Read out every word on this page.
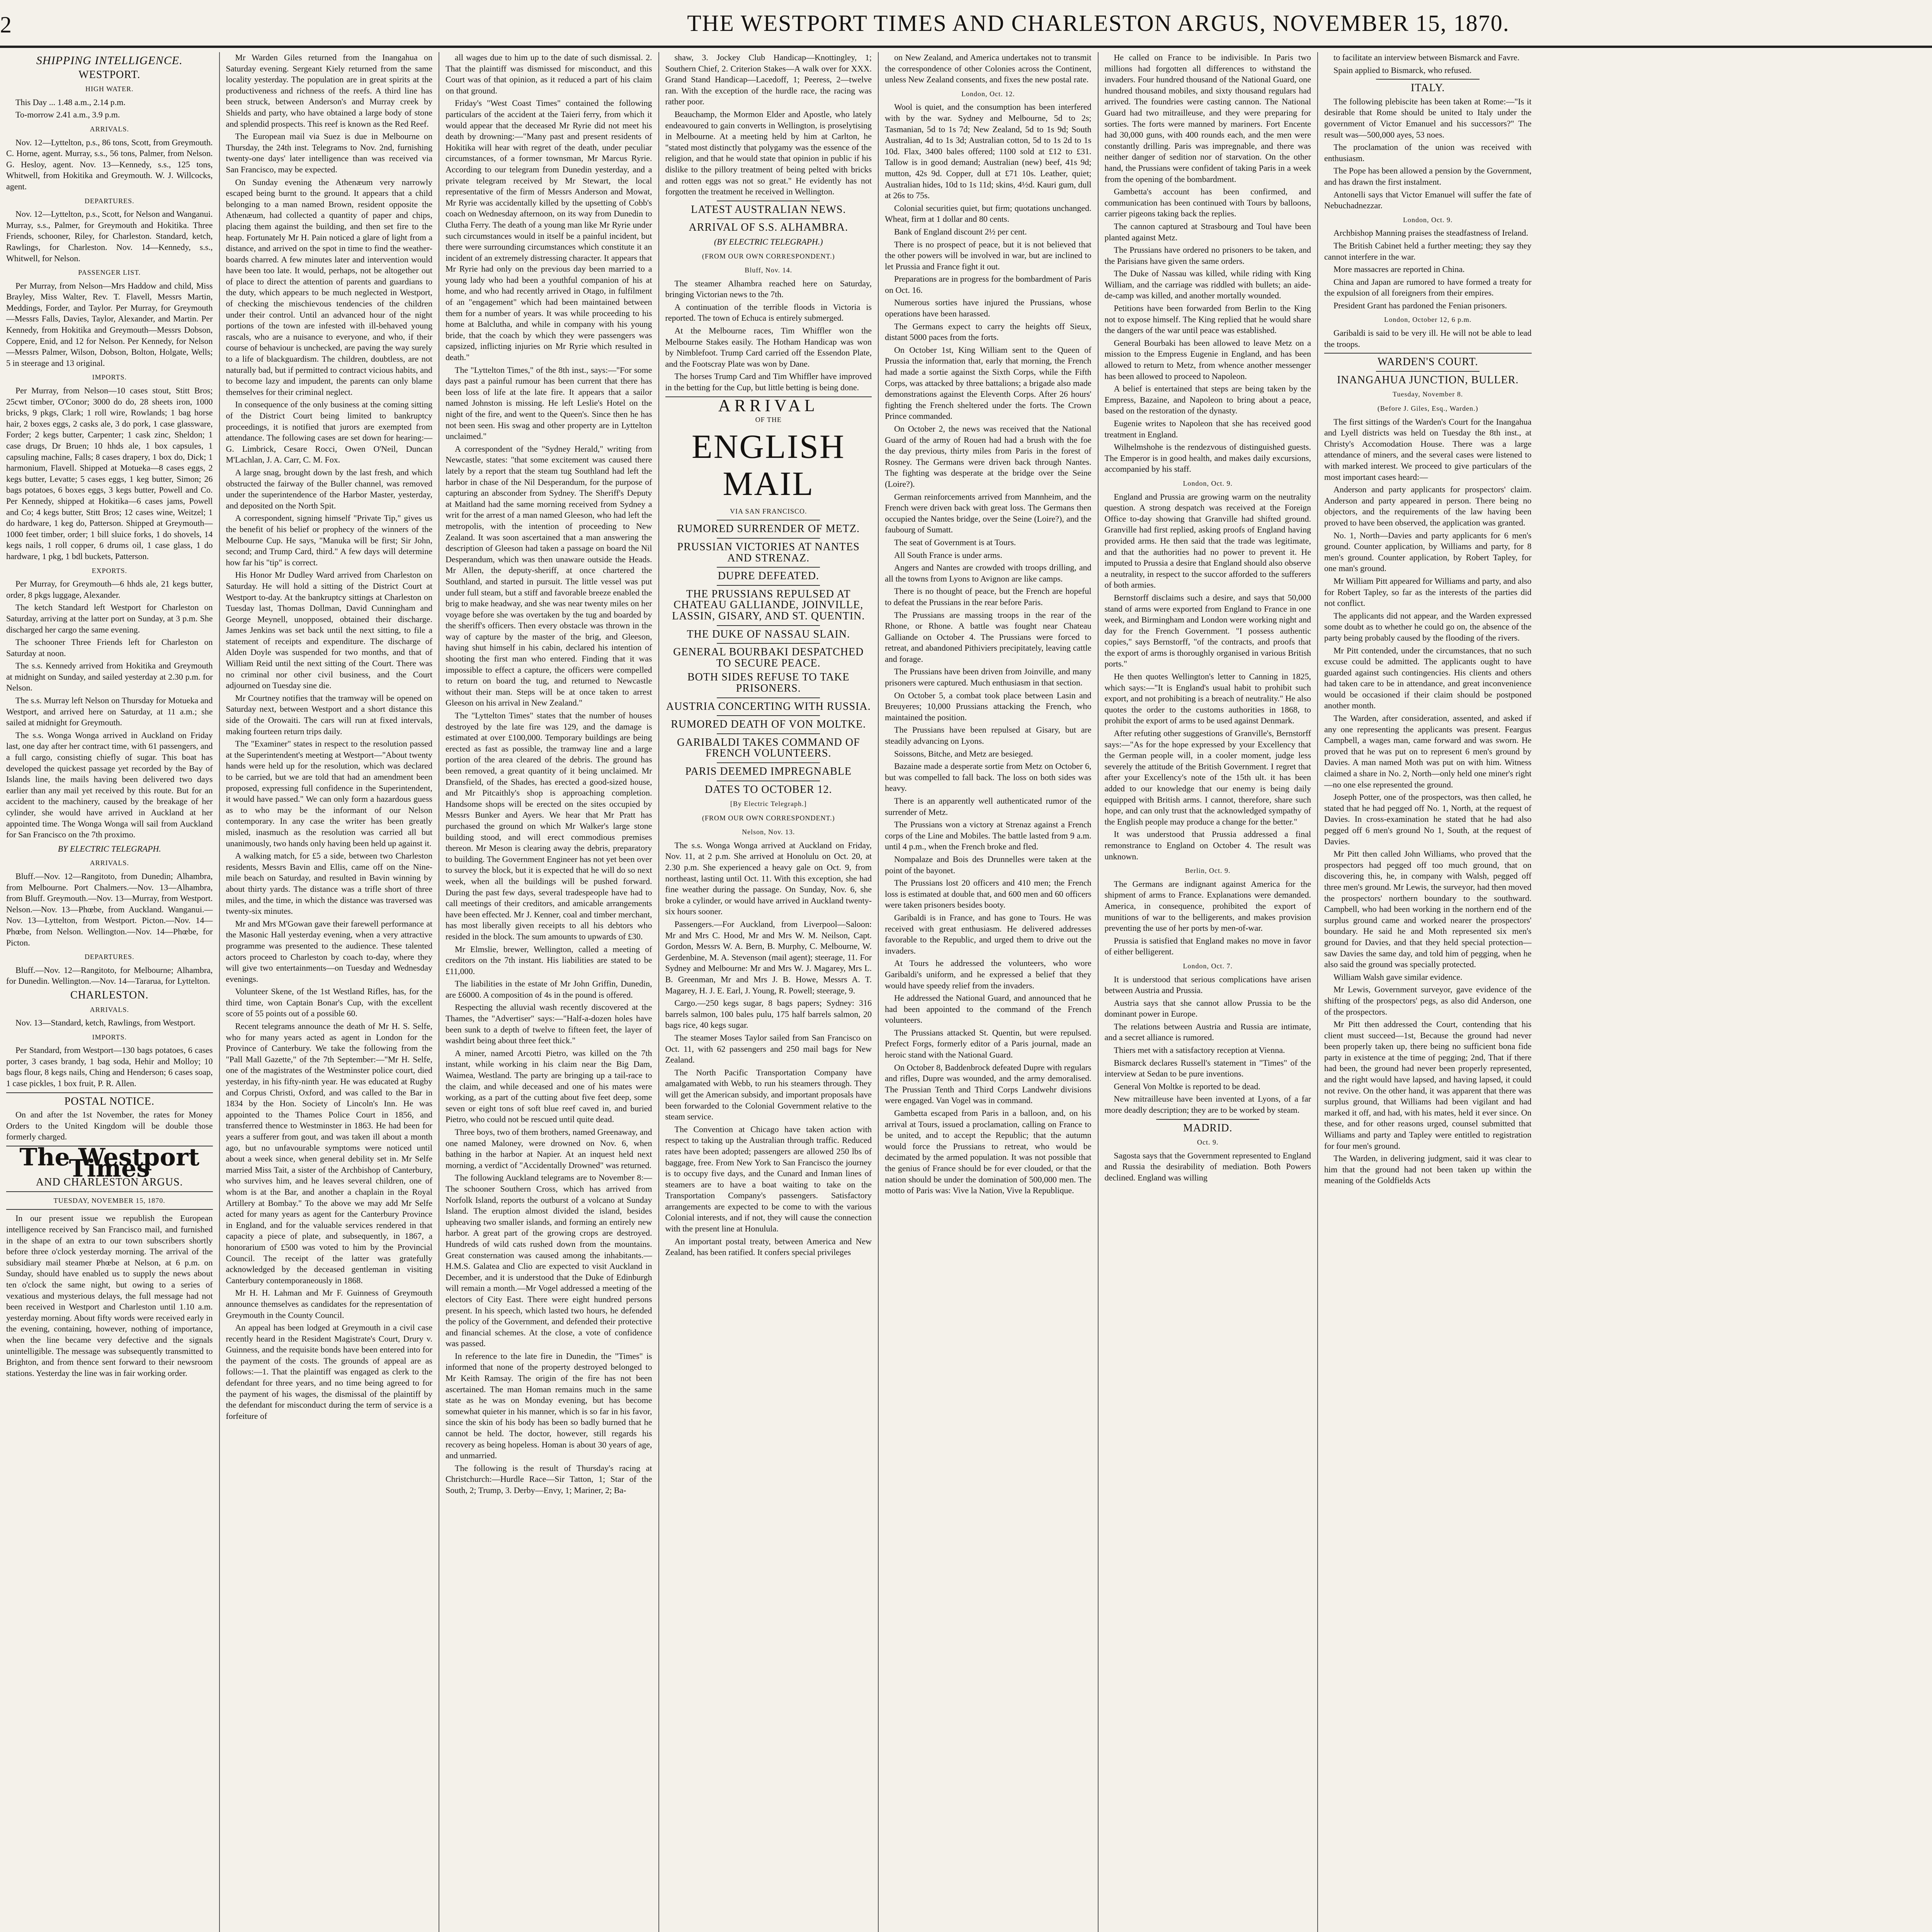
2	THE WESTPORT TIMES AND CHARLESTON ARGUS, NOVEMBER 15, 1870.
SHIPPING INTELLIGENCE.
WESTPORT.
HIGH WATER.

This Day ... 1.48 a.m., 2.14 p.m.

To-morrow 2.41 a.m., 3.9 p.m.

ARRIVALS.

Nov. 12—Lyttelton, p.s., 86 tons, Scott, from Greymouth. C. Horne, agent. Murray, s.s., 56 tons, Palmer, from Nelson. G. Hesloy, agent. Nov. 13—Kennedy, s.s., 125 tons, Whitwell, from Hokitika and Greymouth. W. J. Willcocks, agent.

DEPARTURES.

Nov. 12—Lyttelton, p.s., Scott, for Nelson and Wanganui. Murray, s.s., Palmer, for Greymouth and Hokitika. Three Friends, schooner, Riley, for Charleston. Standard, ketch, Rawlings, for Charleston. Nov. 14—Kennedy, s.s., Whitwell, for Nelson.

PASSENGER LIST.

Per Murray, from Nelson—Mrs Haddow and child, Miss Brayley, Miss Walter, Rev. T. Flavell, Messrs Martin, Meddings, Forder, and Taylor. Per Murray, for Greymouth—Messrs Falls, Davies, Taylor, Alexander, and Martin. Per Kennedy, from Hokitika and Greymouth—Messrs Dobson, Coppere, Enid, and 12 for Nelson. Per Kennedy, for Nelson—Messrs Palmer, Wilson, Dobson, Bolton, Holgate, Wells; 5 in steerage and 13 original.

IMPORTS.

Per Murray, from Nelson—10 cases stout, Stitt Bros; 25cwt timber, O'Conor; 3000 do do, 28 sheets iron, 1000 bricks, 9 pkgs, Clark; 1 roll wire, Rowlands; 1 bag horse hair, 2 boxes eggs, 2 casks ale, 3 do pork, 1 case glassware, Forder; 2 kegs butter, Carpenter; 1 cask zinc, Sheldon; 1 case drugs, Dr Bruen; 10 hhds ale, 1 box capsules, 1 capsuling machine, Falls; 8 cases drapery, 1 box do, Dick; 1 harmonium, Flavell. Shipped at Motueka—8 cases eggs, 2 kegs butter, Levatte; 5 cases eggs, 1 keg butter, Simon; 26 bags potatoes, 6 boxes eggs, 3 kegs butter, Powell and Co. Per Kennedy, shipped at Hokitika—6 cases jams, Powell and Co; 4 kegs butter, Stitt Bros; 12 cases wine, Weitzel; 1 do hardware, 1 keg do, Patterson. Shipped at Greymouth—1000 feet timber, order; 1 bill sluice forks, 1 do shovels, 14 kegs nails, 1 roll copper, 6 drums oil, 1 case glass, 1 do hardware, 1 pkg, 1 bdl buckets, Patterson.

EXPORTS.

Per Murray, for Greymouth—6 hhds ale, 21 kegs butter, order, 8 pkgs luggage, Alexander.

The ketch Standard left Westport for Charleston on Saturday, arriving at the latter port on Sunday, at 3 p.m. She discharged her cargo the same evening.

The schooner Three Friends left for Charleston on Saturday at noon.

The s.s. Kennedy arrived from Hokitika and Greymouth at midnight on Sunday, and sailed yesterday at 2.30 p.m. for Nelson.

The s.s. Murray left Nelson on Thursday for Motueka and Westport, and arrived here on Saturday, at 11 a.m.; she sailed at midnight for Greymouth.

The s.s. Wonga Wonga arrived in Auckland on Friday last, one day after her contract time, with 61 passengers, and a full cargo, consisting chiefly of sugar. This boat has developed the quickest passage yet recorded by the Bay of Islands line, the mails having been delivered two days earlier than any mail yet received by this route. But for an accident to the machinery, caused by the breakage of her cylinder, she would have arrived in Auckland at her appointed time. The Wonga Wonga will sail from Auckland for San Francisco on the 7th proximo.

BY ELECTRIC TELEGRAPH.
ARRIVALS.

Bluff.—Nov. 12—Rangitoto, from Dunedin; Alhambra, from Melbourne. Port Chalmers.—Nov. 13—Alhambra, from Bluff. Greymouth.—Nov. 13—Murray, from Westport. Nelson.—Nov. 13—Phœbe, from Auckland. Wanganui.—Nov. 13—Lyttelton, from Westport. Picton.—Nov. 14—Phœbe, from Nelson. Wellington.—Nov. 14—Phœbe, for Picton.

DEPARTURES.

Bluff.—Nov. 12—Rangitoto, for Melbourne; Alhambra, for Dunedin. Wellington.—Nov. 14—Tararua, for Lyttelton.

CHARLESTON.
ARRIVALS.

Nov. 13—Standard, ketch, Rawlings, from Westport.

IMPORTS.

Per Standard, from Westport—130 bags potatoes, 6 cases porter, 3 cases brandy, 1 bag soda, Hehir and Molloy; 10 bags flour, 8 kegs nails, Ching and Henderson; 6 cases soap, 1 case pickles, 1 box fruit, P. R. Allen.

POSTAL NOTICE.

On and after the 1st November, the rates for Money Orders to the United Kingdom will be double those formerly charged.

The Westport Times
AND CHARLESTON ARGUS.
TUESDAY, NOVEMBER 15, 1870.

In our present issue we republish the European intelligence received by San Francisco mail, and furnished in the shape of an extra to our town subscribers shortly before three o'clock yesterday morning. The arrival of the subsidiary mail steamer Phœbe at Nelson, at 6 p.m. on Sunday, should have enabled us to supply the news about ten o'clock the same night, but owing to a series of vexatious and mysterious delays, the full message had not been received in Westport and Charleston until 1.10 a.m. yesterday morning. About fifty words were received early in the evening, containing, however, nothing of importance, when the line became very defective and the signals unintelligible. The message was subsequently transmitted to Brighton, and from thence sent forward to their newsroom stations. Yesterday the line was in fair working order.

Mr Warden Giles returned from the Inangahua on Saturday evening. Sergeant Kiely returned from the same locality yesterday. The population are in great spirits at the productiveness and richness of the reefs. A third line has been struck, between Anderson's and Murray creek by Shields and party, who have obtained a large body of stone and splendid prospects. This reef is known as the Red Reef.

The European mail via Suez is due in Melbourne on Thursday, the 24th inst. Telegrams to Nov. 2nd, furnishing twenty-one days' later intelligence than was received via San Francisco, may be expected.

On Sunday evening the Athenæum very narrowly escaped being burnt to the ground. It appears that a child belonging to a man named Brown, resident opposite the Athenæum, had collected a quantity of paper and chips, placing them against the building, and then set fire to the heap. Fortunately Mr H. Pain noticed a glare of light from a distance, and arrived on the spot in time to find the weather-boards charred. A few minutes later and intervention would have been too late. It would, perhaps, not be altogether out of place to direct the attention of parents and guardians to the duty, which appears to be much neglected in Westport, of checking the mischievous tendencies of the children under their control. Until an advanced hour of the night portions of the town are infested with ill-behaved young rascals, who are a nuisance to everyone, and who, if their course of behaviour is unchecked, are paving the way surely to a life of blackguardism. The children, doubtless, are not naturally bad, but if permitted to contract vicious habits, and to become lazy and impudent, the parents can only blame themselves for their criminal neglect.

In consequence of the only business at the coming sitting of the District Court being limited to bankruptcy proceedings, it is notified that jurors are exempted from attendance. The following cases are set down for hearing:—G. Limbrick, Cesare Rocci, Owen O'Neil, Duncan M'Lachlan, J. A. Carr, C. M. Fox.

A large snag, brought down by the last fresh, and which obstructed the fairway of the Buller channel, was removed under the superintendence of the Harbor Master, yesterday, and deposited on the North Spit.

A correspondent, signing himself "Private Tip," gives us the benefit of his belief or prophecy of the winners of the Melbourne Cup. He says, "Manuka will be first; Sir John, second; and Trump Card, third." A few days will determine how far his "tip" is correct.

His Honor Mr Dudley Ward arrived from Charleston on Saturday. He will hold a sitting of the District Court at Westport to-day. At the bankruptcy sittings at Charleston on Tuesday last, Thomas Dollman, David Cunningham and George Meynell, unopposed, obtained their discharge. James Jenkins was set back until the next sitting, to file a statement of receipts and expenditure. The discharge of Alden Doyle was suspended for two months, and that of William Reid until the next sitting of the Court. There was no criminal nor other civil business, and the Court adjourned on Tuesday sine die.

Mr Courtney notifies that the tramway will be opened on Saturday next, between Westport and a short distance this side of the Orowaiti. The cars will run at fixed intervals, making fourteen return trips daily.

The "Examiner" states in respect to the resolution passed at the Superintendent's meeting at Westport—"About twenty hands were held up for the resolution, which was declared to be carried, but we are told that had an amendment been proposed, expressing full confidence in the Superintendent, it would have passed." We can only form a hazardous guess as to who may be the informant of our Nelson contemporary. In any case the writer has been greatly misled, inasmuch as the resolution was carried all but unanimously, two hands only having been held up against it.

A walking match, for £5 a side, between two Charleston residents, Messrs Bavin and Ellis, came off on the Nine-mile beach on Saturday, and resulted in Bavin winning by about thirty yards. The distance was a trifle short of three miles, and the time, in which the distance was traversed was twenty-six minutes.

Mr and Mrs M'Gowan gave their farewell performance at the Masonic Hall yesterday evening, when a very attractive programme was presented to the audience. These talented actors proceed to Charleston by coach to-day, where they will give two entertainments—on Tuesday and Wednesday evenings.

Volunteer Skene, of the 1st Westland Rifles, has, for the third time, won Captain Bonar's Cup, with the excellent score of 55 points out of a possible 60.

Recent telegrams announce the death of Mr H. S. Selfe, who for many years acted as agent in London for the Province of Canterbury. We take the following from the "Pall Mall Gazette," of the 7th September:—"Mr H. Selfe, one of the magistrates of the Westminster police court, died yesterday, in his fifty-ninth year. He was educated at Rugby and Corpus Christi, Oxford, and was called to the Bar in 1834 by the Hon. Society of Lincoln's Inn. He was appointed to the Thames Police Court in 1856, and transferred thence to Westminster in 1863. He had been for years a sufferer from gout, and was taken ill about a month ago, but no unfavourable symptoms were noticed until about a week since, when general debility set in. Mr Selfe married Miss Tait, a sister of the Archbishop of Canterbury, who survives him, and he leaves several children, one of whom is at the Bar, and another a chaplain in the Royal Artillery at Bombay." To the above we may add Mr Selfe acted for many years as agent for the Canterbury Province in England, and for the valuable services rendered in that capacity a piece of plate, and subsequently, in 1867, a honorarium of £500 was voted to him by the Provincial Council. The receipt of the latter was gratefully acknowledged by the deceased gentleman in visiting Canterbury contemporaneously in 1868.

Mr H. H. Lahman and Mr F. Guinness of Greymouth announce themselves as candidates for the representation of Greymouth in the County Council.

An appeal has been lodged at Greymouth in a civil case recently heard in the Resident Magistrate's Court, Drury v. Guinness, and the requisite bonds have been entered into for the payment of the costs. The grounds of appeal are as follows:—1. That the plaintiff was engaged as clerk to the defendant for three years, and no time being agreed to for the payment of his wages, the dismissal of the plaintiff by the defendant for misconduct during the term of service is a forfeiture of

all wages due to him up to the date of such dismissal. 2. That the plaintiff was dismissed for misconduct, and this Court was of that opinion, as it reduced a part of his claim on that ground.

Friday's "West Coast Times" contained the following particulars of the accident at the Taieri ferry, from which it would appear that the deceased Mr Ryrie did not meet his death by drowning:—"Many past and present residents of Hokitika will hear with regret of the death, under peculiar circumstances, of a former townsman, Mr Marcus Ryrie. According to our telegram from Dunedin yesterday, and a private telegram received by Mr Stewart, the local representative of the firm of Messrs Anderson and Mowat, Mr Ryrie was accidentally killed by the upsetting of Cobb's coach on Wednesday afternoon, on its way from Dunedin to Clutha Ferry. The death of a young man like Mr Ryrie under such circumstances would in itself be a painful incident, but there were surrounding circumstances which constitute it an incident of an extremely distressing character. It appears that Mr Ryrie had only on the previous day been married to a young lady who had been a youthful companion of his at home, and who had recently arrived in Otago, in fulfilment of an "engagement" which had been maintained between them for a number of years. It was while proceeding to his home at Balclutha, and while in company with his young bride, that the coach by which they were passengers was capsized, inflicting injuries on Mr Ryrie which resulted in death."

The "Lyttelton Times," of the 8th inst., says:—"For some days past a painful rumour has been current that there has been loss of life at the late fire. It appears that a sailor named Johnston is missing. He left Leslie's Hotel on the night of the fire, and went to the Queen's. Since then he has not been seen. His swag and other property are in Lyttelton unclaimed."

A correspondent of the "Sydney Herald," writing from Newcastle, states: "that some excitement was caused there lately by a report that the steam tug Southland had left the harbor in chase of the Nil Desperandum, for the purpose of capturing an absconder from Sydney. The Sheriff's Deputy at Maitland had the same morning received from Sydney a writ for the arrest of a man named Gleeson, who had left the metropolis, with the intention of proceeding to New Zealand. It was soon ascertained that a man answering the description of Gleeson had taken a passage on board the Nil Desperandum, which was then unaware outside the Heads. Mr Allen, the deputy-sheriff, at once chartered the Southland, and started in pursuit. The little vessel was put under full steam, but a stiff and favorable breeze enabled the brig to make headway, and she was near twenty miles on her voyage before she was overtaken by the tug and boarded by the sheriff's officers. Then every obstacle was thrown in the way of capture by the master of the brig, and Gleeson, having shut himself in his cabin, declared his intention of shooting the first man who entered. Finding that it was impossible to effect a capture, the officers were compelled to return on board the tug, and returned to Newcastle without their man. Steps will be at once taken to arrest Gleeson on his arrival in New Zealand."

The "Lyttelton Times" states that the number of houses destroyed by the late fire was 129, and the damage is estimated at over £100,000. Temporary buildings are being erected as fast as possible, the tramway line and a large portion of the area cleared of the debris. The ground has been removed, a great quantity of it being unclaimed. Mr Dransfield, of the Shades, has erected a good-sized house, and Mr Pitcaithly's shop is approaching completion. Handsome shops will be erected on the sites occupied by Messrs Bunker and Ayers. We hear that Mr Pratt has purchased the ground on which Mr Walker's large stone building stood, and will erect commodious premises thereon. Mr Meson is clearing away the debris, preparatory to building. The Government Engineer has not yet been over to survey the block, but it is expected that he will do so next week, when all the buildings will be pushed forward. During the past few days, several tradespeople have had to call meetings of their creditors, and amicable arrangements have been effected. Mr J. Kenner, coal and timber merchant, has most liberally given receipts to all his debtors who resided in the block. The sum amounts to upwards of £30.

Mr Elmslie, brewer, Wellington, called a meeting of creditors on the 7th instant. His liabilities are stated to be £11,000.

The liabilities in the estate of Mr John Griffin, Dunedin, are £6000. A composition of 4s in the pound is offered.

Respecting the alluvial wash recently discovered at the Thames, the "Advertiser" says:—"Half-a-dozen holes have been sunk to a depth of twelve to fifteen feet, the layer of washdirt being about three feet thick."

A miner, named Arcotti Pietro, was killed on the 7th instant, while working in his claim near the Big Dam, Waimea, Westland. The party are bringing up a tail-race to the claim, and while deceased and one of his mates were working, as a part of the cutting about five feet deep, some seven or eight tons of soft blue reef caved in, and buried Pietro, who could not be rescued until quite dead.

Three boys, two of them brothers, named Greenaway, and one named Maloney, were drowned on Nov. 6, when bathing in the harbor at Napier. At an inquest held next morning, a verdict of "Accidentally Drowned" was returned.

The following Auckland telegrams are to November 8:—The schooner Southern Cross, which has arrived from Norfolk Island, reports the outburst of a volcano at Sunday Island. The eruption almost divided the island, besides upheaving two smaller islands, and forming an entirely new harbor. A great part of the growing crops are destroyed. Hundreds of wild cats rushed down from the mountains. Great consternation was caused among the inhabitants.—H.M.S. Galatea and Clio are expected to visit Auckland in December, and it is understood that the Duke of Edinburgh will remain a month.—Mr Vogel addressed a meeting of the electors of City East. There were eight hundred persons present. In his speech, which lasted two hours, he defended the policy of the Government, and defended their protective and financial schemes. At the close, a vote of confidence was passed.

In reference to the late fire in Dunedin, the "Times" is informed that none of the property destroyed belonged to Mr Keith Ramsay. The origin of the fire has not been ascertained. The man Homan remains much in the same state as he was on Monday evening, but has become somewhat quieter in his manner, which is so far in his favor, since the skin of his body has been so badly burned that he cannot be held. The doctor, however, still regards his recovery as being hopeless. Homan is about 30 years of age, and unmarried.

The following is the result of Thursday's racing at Christchurch:—Hurdle Race—Sir Tatton, 1; Star of the South, 2; Trump, 3. Derby—Envy, 1; Mariner, 2; Ba-

shaw, 3. Jockey Club Handicap—Knottingley, 1; Southern Chief, 2. Criterion Stakes—A walk over for XXX. Grand Stand Handicap—Lacedoff, 1; Peeress, 2—twelve ran. With the exception of the hurdle race, the racing was rather poor.

Beauchamp, the Mormon Elder and Apostle, who lately endeavoured to gain converts in Wellington, is proselytising in Melbourne. At a meeting held by him at Carlton, he "stated most distinctly that polygamy was the essence of the religion, and that he would state that opinion in public if his dislike to the pillory treatment of being pelted with bricks and rotten eggs was not so great." He evidently has not forgotten the treatment he received in Wellington.

LATEST AUSTRALIAN NEWS.
ARRIVAL OF S.S. ALHAMBRA.
(BY ELECTRIC TELEGRAPH.)
(FROM OUR OWN CORRESPONDENT.)
Bluff, Nov. 14.

The steamer Alhambra reached here on Saturday, bringing Victorian news to the 7th.

A continuation of the terrible floods in Victoria is reported. The town of Echuca is entirely submerged.

At the Melbourne races, Tim Whiffler won the Melbourne Stakes easily. The Hotham Handicap was won by Nimblefoot. Trump Card carried off the Essendon Plate, and the Footscray Plate was won by Dane.

The horses Trump Card and Tim Whiffler have improved in the betting for the Cup, but little betting is being done.

ARRIVAL
OF THE
ENGLISH MAIL
VIA SAN FRANCISCO.
RUMORED SURRENDER OF METZ.
PRUSSIAN VICTORIES AT NANTES AND STRENAZ.
DUPRE DEFEATED.
THE PRUSSIANS REPULSED AT CHATEAU GALLIANDE, JOINVILLE, LASSIN, GISARY, AND ST. QUENTIN.
THE DUKE OF NASSAU SLAIN.
GENERAL BOURBAKI DESPATCHED TO SECURE PEACE.
BOTH SIDES REFUSE TO TAKE PRISONERS.
AUSTRIA CONCERTING WITH RUSSIA.
RUMORED DEATH OF VON MOLTKE.
GARIBALDI TAKES COMMAND OF FRENCH VOLUNTEERS.
PARIS DEEMED IMPREGNABLE
DATES TO OCTOBER 12.
[By Electric Telegraph.]
(FROM OUR OWN CORRESPONDENT.)
Nelson, Nov. 13.

The s.s. Wonga Wonga arrived at Auckland on Friday, Nov. 11, at 2 p.m. She arrived at Honolulu on Oct. 20, at 2.30 p.m. She experienced a heavy gale on Oct. 9, from northeast, lasting until Oct. 11. With this exception, she had fine weather during the passage. On Sunday, Nov. 6, she broke a cylinder, or would have arrived in Auckland twenty-six hours sooner.

Passengers.—For Auckland, from Liverpool—Saloon: Mr and Mrs C. Hood, Mr and Mrs W. M. Neilson, Capt. Gordon, Messrs W. A. Bern, B. Murphy, C. Melbourne, W. Gerdenbine, M. A. Stevenson (mail agent); steerage, 11. For Sydney and Melbourne: Mr and Mrs W. J. Magarey, Mrs L. B. Greenman, Mr and Mrs J. B. Howe, Messrs A. T. Magarey, H. J. E. Earl, J. Young, R. Powell; steerage, 9.

Cargo.—250 kegs sugar, 8 bags papers; Sydney: 316 barrels salmon, 100 bales pulu, 175 half barrels salmon, 20 bags rice, 40 kegs sugar.

The steamer Moses Taylor sailed from San Francisco on Oct. 11, with 62 passengers and 250 mail bags for New Zealand.

The North Pacific Transportation Company have amalgamated with Webb, to run his steamers through. They will get the American subsidy, and important proposals have been forwarded to the Colonial Government relative to the steam service.

The Convention at Chicago have taken action with respect to taking up the Australian through traffic. Reduced rates have been adopted; passengers are allowed 250 lbs of baggage, free. From New York to San Francisco the journey is to occupy five days, and the Cunard and Inman lines of steamers are to have a boat waiting to take on the Transportation Company's passengers. Satisfactory arrangements are expected to be come to with the various Colonial interests, and if not, they will cause the connection with the present line at Honulula.

An important postal treaty, between America and New Zealand, has been ratified. It confers special privileges

on New Zealand, and America undertakes not to transmit the correspondence of other Colonies across the Continent, unless New Zealand consents, and fixes the new postal rate.

London, Oct. 12.

Wool is quiet, and the consumption has been interfered with by the war. Sydney and Melbourne, 5d to 2s; Tasmanian, 5d to 1s 7d; New Zealand, 5d to 1s 9d; South Australian, 4d to 1s 3d; Australian cotton, 5d to 1s 2d to 1s 10d. Flax, 3400 bales offered; 1100 sold at £12 to £31. Tallow is in good demand; Australian (new) beef, 41s 9d; mutton, 42s 9d. Copper, dull at £71 10s. Leather, quiet; Australian hides, 10d to 1s 11d; skins, 4½d. Kauri gum, dull at 26s to 75s.

Colonial securities quiet, but firm; quotations unchanged. Wheat, firm at 1 dollar and 80 cents.

Bank of England discount 2½ per cent.

There is no prospect of peace, but it is not believed that the other powers will be involved in war, but are inclined to let Prussia and France fight it out.

Preparations are in progress for the bombardment of Paris on Oct. 16.

Numerous sorties have injured the Prussians, whose operations have been harassed.

The Germans expect to carry the heights off Sieux, distant 5000 paces from the forts.

On October 1st, King William sent to the Queen of Prussia the information that, early that morning, the French had made a sortie against the Sixth Corps, while the Fifth Corps, was attacked by three battalions; a brigade also made demonstrations against the Eleventh Corps. After 26 hours' fighting the French sheltered under the forts. The Crown Prince commanded.

On October 2, the news was received that the National Guard of the army of Rouen had had a brush with the foe the day previous, thirty miles from Paris in the forest of Rosney. The Germans were driven back through Nantes. The fighting was desperate at the bridge over the Seine (Loire?).

German reinforcements arrived from Mannheim, and the French were driven back with great loss. The Germans then occupied the Nantes bridge, over the Seine (Loire?), and the faubourg of Sumatt.

The seat of Government is at Tours.

All South France is under arms.

Angers and Nantes are crowded with troops drilling, and all the towns from Lyons to Avignon are like camps.

There is no thought of peace, but the French are hopeful to defeat the Prussians in the rear before Paris.

The Prussians are massing troops in the rear of the Rhone, or Rhone. A battle was fought near Chateau Galliande on October 4. The Prussians were forced to retreat, and abandoned Pithiviers precipitately, leaving cattle and forage.

The Prussians have been driven from Joinville, and many prisoners were captured. Much enthusiasm in that section.

On October 5, a combat took place between Lasin and Breuyeres; 10,000 Prussians attacking the French, who maintained the position.

The Prussians have been repulsed at Gisary, but are steadily advancing on Lyons.

Soissons, Bitche, and Metz are besieged.

Bazaine made a desperate sortie from Metz on October 6, but was compelled to fall back. The loss on both sides was heavy.

There is an apparently well authenticated rumor of the surrender of Metz.

The Prussians won a victory at Strenaz against a French corps of the Line and Mobiles. The battle lasted from 9 a.m. until 4 p.m., when the French broke and fled.

Nompalaze and Bois des Drunnelles were taken at the point of the bayonet.

The Prussians lost 20 officers and 410 men; the French loss is estimated at double that, and 600 men and 60 officers were taken prisoners besides booty.

Garibaldi is in France, and has gone to Tours. He was received with great enthusiasm. He delivered addresses favorable to the Republic, and urged them to drive out the invaders.

At Tours he addressed the volunteers, who wore Garibaldi's uniform, and he expressed a belief that they would have speedy relief from the invaders.

He addressed the National Guard, and announced that he had been appointed to the command of the French volunteers.

The Prussians attacked St. Quentin, but were repulsed. Prefect Forgs, formerly editor of a Paris journal, made an heroic stand with the National Guard.

On October 8, Baddenbrock defeated Dupre with regulars and rifles, Dupre was wounded, and the army demoralised. The Prussian Tenth and Third Corps Landwehr divisions were engaged. Van Vogel was in command.

Gambetta escaped from Paris in a balloon, and, on his arrival at Tours, issued a proclamation, calling on France to be united, and to accept the Republic; that the autumn would force the Prussians to retreat, who would be decimated by the armed population. It was not possible that the genius of France should be for ever clouded, or that the nation should be under the domination of 500,000 men. The motto of Paris was: Vive la Nation, Vive la Republique.

He called on France to be indivisible. In Paris two millions had forgotten all differences to withstand the invaders. Four hundred thousand of the National Guard, one hundred thousand mobiles, and sixty thousand regulars had arrived. The foundries were casting cannon. The National Guard had two mitrailleuse, and they were preparing for sorties. The forts were manned by mariners. Fort Encente had 30,000 guns, with 400 rounds each, and the men were constantly drilling. Paris was impregnable, and there was neither danger of sedition nor of starvation. On the other hand, the Prussians were confident of taking Paris in a week from the opening of the bombardment.

Gambetta's account has been confirmed, and communication has been continued with Tours by balloons, carrier pigeons taking back the replies.

The cannon captured at Strasbourg and Toul have been planted against Metz.

The Prussians have ordered no prisoners to be taken, and the Parisians have given the same orders.

The Duke of Nassau was killed, while riding with King William, and the carriage was riddled with bullets; an aide-de-camp was killed, and another mortally wounded.

Petitions have been forwarded from Berlin to the King not to expose himself. The King replied that he would share the dangers of the war until peace was established.

General Bourbaki has been allowed to leave Metz on a mission to the Empress Eugenie in England, and has been allowed to return to Metz, from whence another messenger has been allowed to proceed to Napoleon.

A belief is entertained that steps are being taken by the Empress, Bazaine, and Napoleon to bring about a peace, based on the restoration of the dynasty.

Eugenie writes to Napoleon that she has received good treatment in England.

Wilhelmshohe is the rendezvous of distinguished guests. The Emperor is in good health, and makes daily excursions, accompanied by his staff.

London, Oct. 9.

England and Prussia are growing warm on the neutrality question. A strong despatch was received at the Foreign Office to-day showing that Granville had shifted ground. Granville had first replied, asking proofs of England having provided arms. He then said that the trade was legitimate, and that the authorities had no power to prevent it. He imputed to Prussia a desire that England should also observe a neutrality, in respect to the succor afforded to the sufferers of both armies.

Bernstorff disclaims such a desire, and says that 50,000 stand of arms were exported from England to France in one week, and Birmingham and London were working night and day for the French Government. "I possess authentic copies," says Bernstorff, "of the contracts, and proofs that the export of arms is thoroughly organised in various British ports."

He then quotes Wellington's letter to Canning in 1825, which says:—"It is England's usual habit to prohibit such export, and not prohibiting is a breach of neutrality." He also quotes the order to the customs authorities in 1868, to prohibit the export of arms to be used against Denmark.

After refuting other suggestions of Granville's, Bernstorff says:—"As for the hope expressed by your Excellency that the German people will, in a cooler moment, judge less severely the attitude of the British Government. I regret that after your Excellency's note of the 15th ult. it has been added to our knowledge that our enemy is being daily equipped with British arms. I cannot, therefore, share such hope, and can only trust that the acknowledged sympathy of the English people may produce a change for the better."

It was understood that Prussia addressed a final remonstrance to England on October 4. The result was unknown.

Berlin, Oct. 9.

The Germans are indignant against America for the shipment of arms to France. Explanations were demanded. America, in consequence, prohibited the export of munitions of war to the belligerents, and makes provision preventing the use of her ports by men-of-war.

Prussia is satisfied that England makes no move in favor of either belligerent.

London, Oct. 7.

It is understood that serious complications have arisen between Austria and Prussia.

Austria says that she cannot allow Prussia to be the dominant power in Europe.

The relations between Austria and Russia are intimate, and a secret alliance is rumored.

Thiers met with a satisfactory reception at Vienna.

Bismarck declares Russell's statement in "Times" of the interview at Sedan to be pure inventions.

General Von Moltke is reported to be dead.

New mitrailleuse have been invented at Lyons, of a far more deadly description; they are to be worked by steam.

MADRID.
Oct. 9.

Sagosta says that the Government represented to England and Russia the desirability of mediation. Both Powers declined. England was willing

to facilitate an interview between Bismarck and Favre.

Spain applied to Bismarck, who refused.

ITALY.

The following plebiscite has been taken at Rome:—"Is it desirable that Rome should be united to Italy under the government of Victor Emanuel and his successors?" The result was—500,000 ayes, 53 noes.

The proclamation of the union was received with enthusiasm.

The Pope has been allowed a pension by the Government, and has drawn the first instalment.

Antonelli says that Victor Emanuel will suffer the fate of Nebuchadnezzar.

London, Oct. 9.

Archbishop Manning praises the steadfastness of Ireland.

The British Cabinet held a further meeting; they say they cannot interfere in the war.

More massacres are reported in China.

China and Japan are rumored to have formed a treaty for the expulsion of all foreigners from their empires.

President Grant has pardoned the Fenian prisoners.

London, October 12, 6 p.m.

Garibaldi is said to be very ill. He will not be able to lead the troops.

WARDEN'S COURT.
INANGAHUA JUNCTION, BULLER.
Tuesday, November 8.
(Before J. Giles, Esq., Warden.)

The first sittings of the Warden's Court for the Inangahua and Lyell districts was held on Tuesday the 8th inst., at Christy's Accomodation House. There was a large attendance of miners, and the several cases were listened to with marked interest. We proceed to give particulars of the most important cases heard:—

Anderson and party applicants for prospectors' claim. Anderson and party appeared in person. There being no objectors, and the requirements of the law having been proved to have been observed, the application was granted.

No. 1, North—Davies and party applicants for 6 men's ground. Counter application, by Williams and party, for 8 men's ground. Counter application, by Robert Tapley, for one man's ground.

Mr William Pitt appeared for Williams and party, and also for Robert Tapley, so far as the interests of the parties did not conflict.

The applicants did not appear, and the Warden expressed some doubt as to whether he could go on, the absence of the party being probably caused by the flooding of the rivers.

Mr Pitt contended, under the circumstances, that no such excuse could be admitted. The applicants ought to have guarded against such contingencies. His clients and others had taken care to be in attendance, and great inconvenience would be occasioned if their claim should be postponed another month.

The Warden, after consideration, assented, and asked if any one representing the applicants was present. Feargus Campbell, a wages man, came forward and was sworn. He proved that he was put on to represent 6 men's ground by Davies. A man named Moth was put on with him. Witness claimed a share in No. 2, North—only held one miner's right—no one else represented the ground.

Joseph Potter, one of the prospectors, was then called, he stated that he had pegged off No. 1, North, at the request of Davies. In cross-examination he stated that he had also pegged off 6 men's ground No 1, South, at the request of Davies.

Mr Pitt then called John Williams, who proved that the prospectors had pegged off too much ground, that on discovering this, he, in company with Walsh, pegged off three men's ground. Mr Lewis, the surveyor, had then moved the prospectors' northern boundary to the southward. Campbell, who had been working in the northern end of the surplus ground came and worked nearer the prospectors' boundary. He said he and Moth represented six men's ground for Davies, and that they held special protection—saw Davies the same day, and told him of pegging, when he also said the ground was specially protected.

William Walsh gave similar evidence.

Mr Lewis, Government surveyor, gave evidence of the shifting of the prospectors' pegs, as also did Anderson, one of the prospectors.

Mr Pitt then addressed the Court, contending that his client must succeed—1st, Because the ground had never been properly taken up, there being no sufficient bona fide party in existence at the time of pegging; 2nd, That if there had been, the ground had never been properly represented, and the right would have lapsed, and having lapsed, it could not revive. On the other hand, it was apparent that there was surplus ground, that Williams had been vigilant and had marked it off, and had, with his mates, held it ever since. On these, and for other reasons urged, counsel submitted that Williams and party and Tapley were entitled to registration for four men's ground.

The Warden, in delivering judgment, said it was clear to him that the ground had not been taken up within the meaning of the Goldfields Acts
